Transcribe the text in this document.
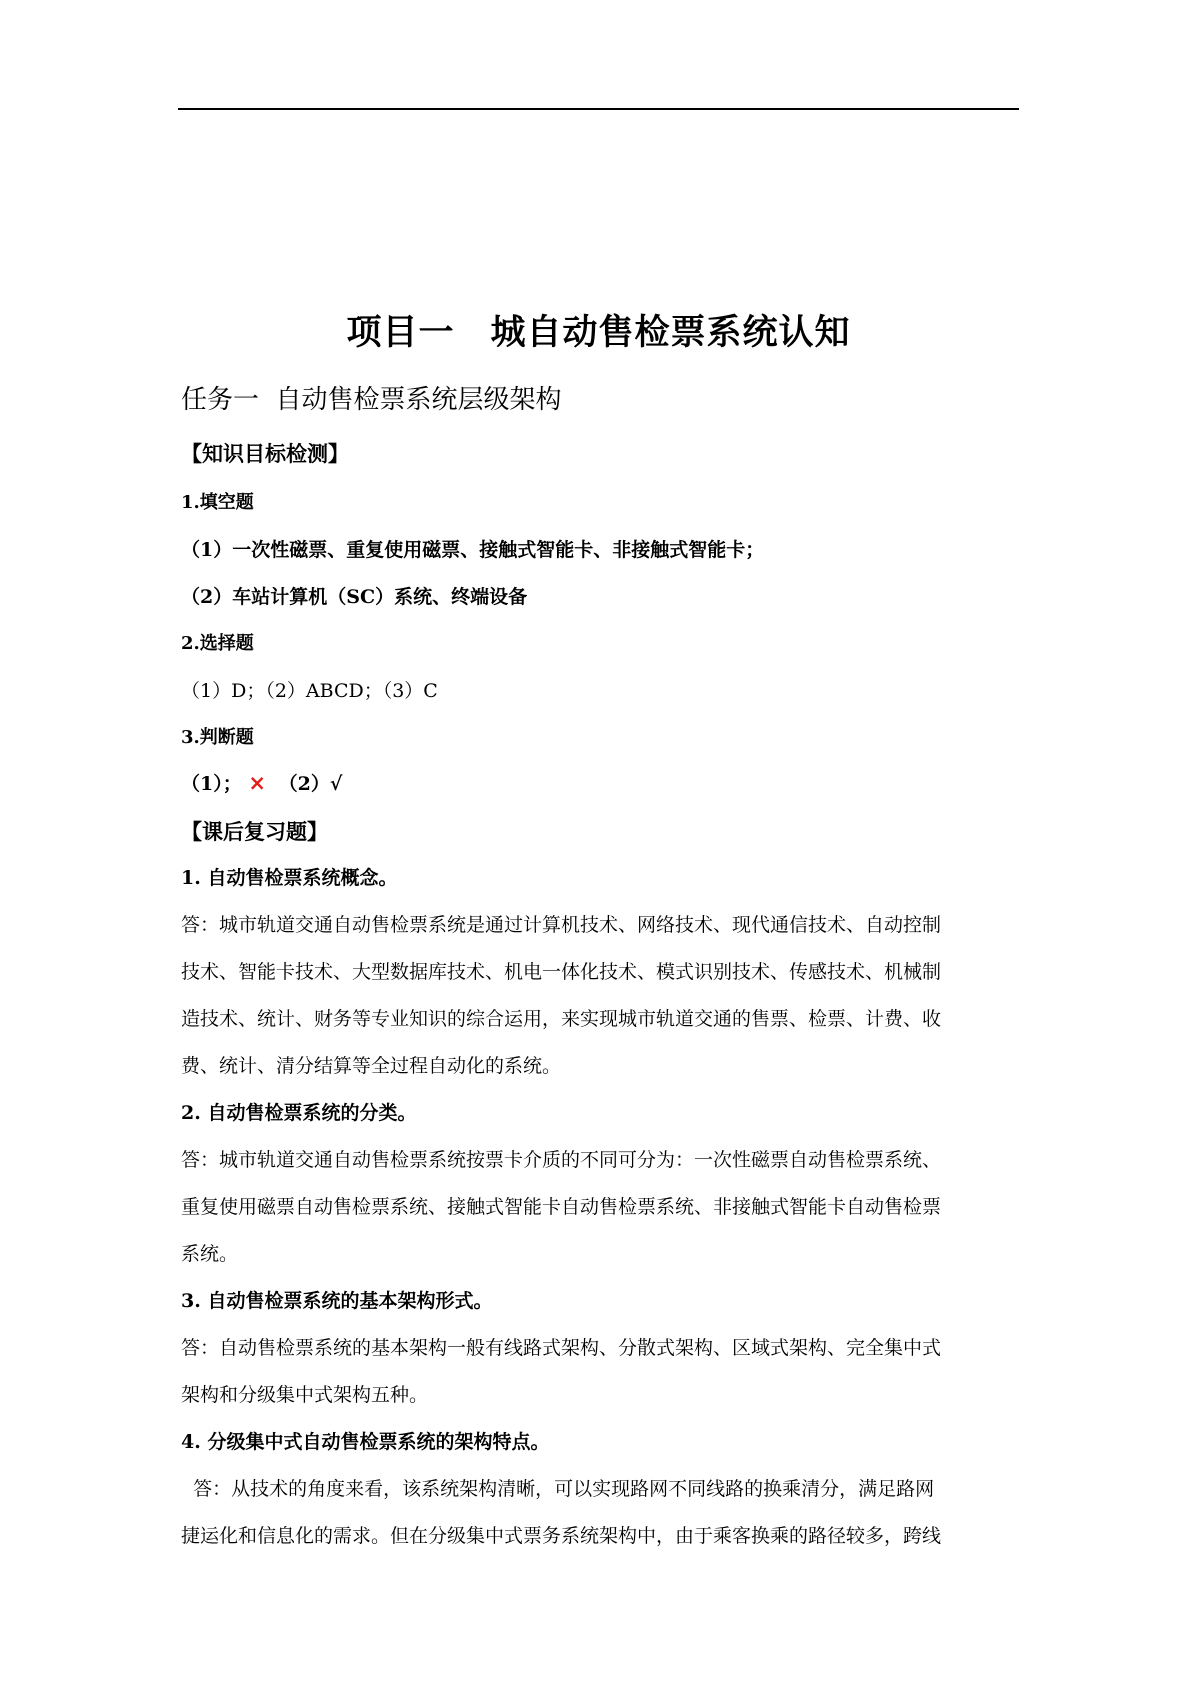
项目一　城自动售检票系统认知
任务一  自动售检票系统层级架构
【知识目标检测】
1.填空题
（1）一次性磁票、重复使用磁票、接触式智能卡、非接触式智能卡；
（2）车站计算机（SC）系统、终端设备
2.选择题
（1）D；（2）ABCD；（3）C
3.判断题
（1）； × （2）√
【课后复习题】
1. 自动售检票系统概念。
答：城市轨道交通自动售检票系统是通过计算机技术、网络技术、现代通信技术、自动控制
技术、智能卡技术、大型数据库技术、机电一体化技术、模式识别技术、传感技术、机械制
造技术、统计、财务等专业知识的综合运用，来实现城市轨道交通的售票、检票、计费、收
费、统计、清分结算等全过程自动化的系统。
2. 自动售检票系统的分类。
答：城市轨道交通自动售检票系统按票卡介质的不同可分为：一次性磁票自动售检票系统、
重复使用磁票自动售检票系统、接触式智能卡自动售检票系统、非接触式智能卡自动售检票
系统。
3. 自动售检票系统的基本架构形式。
答：自动售检票系统的基本架构一般有线路式架构、分散式架构、区域式架构、完全集中式
架构和分级集中式架构五种。
4. 分级集中式自动售检票系统的架构特点。
答：从技术的角度来看，该系统架构清晰，可以实现路网不同线路的换乘清分，满足路网
捷运化和信息化的需求。但在分级集中式票务系统架构中，由于乘客换乘的路径较多，跨线
